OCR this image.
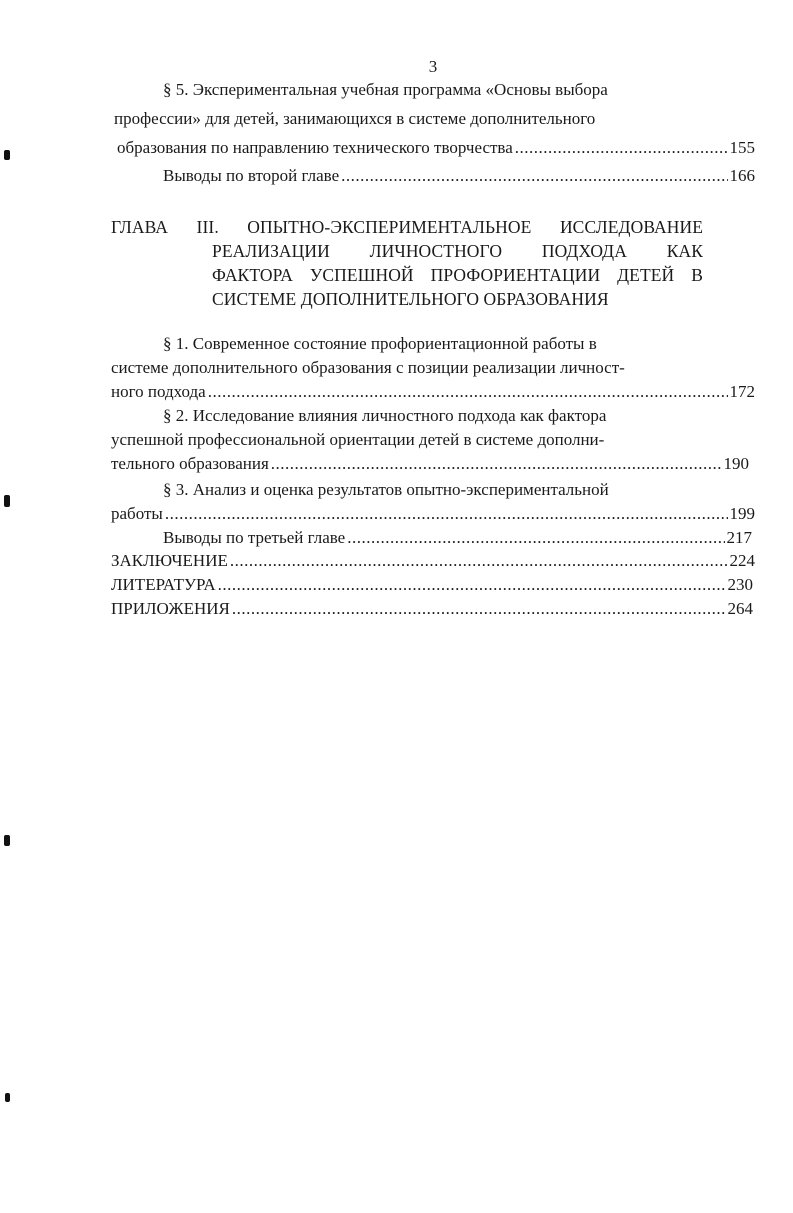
3
§ 5. Экспериментальная учебная программа «Основы выбора
профессии» для детей, занимающихся в системе дополнительного
образования по направлению технического творчества .....	155
Выводы по второй главе .....	166
ГЛАВА III. ОПЫТНО-ЭКСПЕРИМЕНТАЛЬНОЕ ИССЛЕДОВАНИЕ
РЕАЛИЗАЦИИ ЛИЧНОСТНОГО ПОДХОДА КАК
ФАКТОРА УСПЕШНОЙ ПРОФОРИЕНТАЦИИ ДЕТЕЙ В
СИСТЕМЕ ДОПОЛНИТЕЛЬНОГО ОБРАЗОВАНИЯ
§ 1. Современное состояние профориентационной работы в
системе дополнительного образования с позиции реализации личност-
ного подхода .....	172
§ 2. Исследование влияния личностного подхода как фактора
успешной профессиональной ориентации детей в системе дополни-
тельного образования .....	190
§ 3. Анализ и оценка результатов опытно-экспериментальной
работы .....	199
Выводы по третьей главе .....	217
ЗАКЛЮЧЕНИЕ .....	224
ЛИТЕРАТУРА .....	230
ПРИЛОЖЕНИЯ .....	264
